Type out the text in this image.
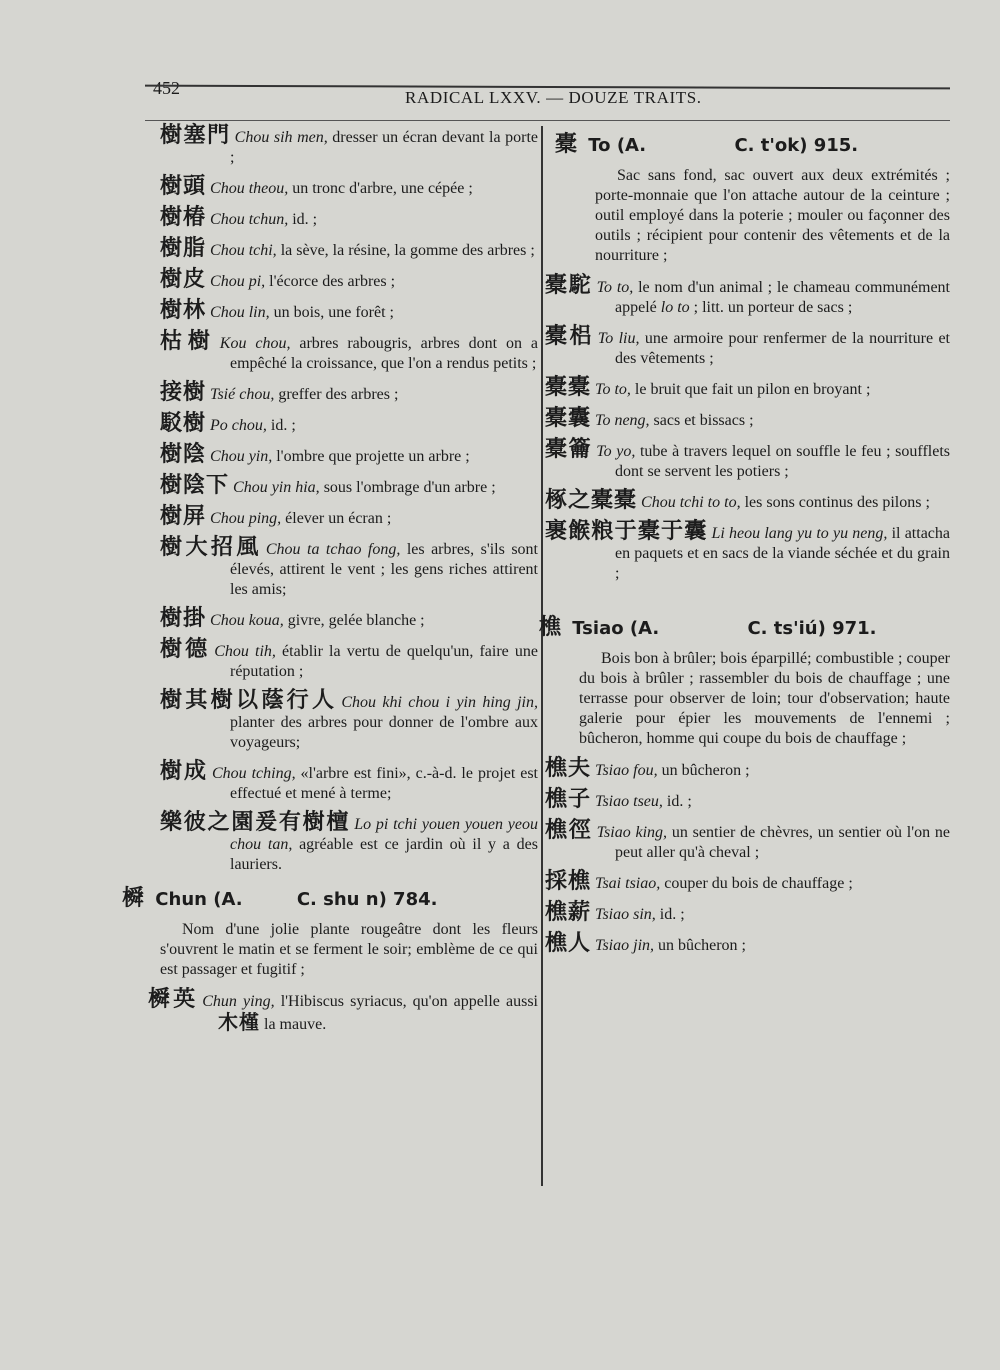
452	RADICAL LXXV. — DOUZE TRAITS.
樹塞門 Chou sih men, dresser un écran devant la porte ;
樹頭 Chou theou, un tronc d'arbre, une cépée ;
樹椿 Chou tchun, id. ;
樹脂 Chou tchi, la sève, la résine, la gomme des arbres ;
樹皮 Chou pi, l'écorce des arbres ;
樹林 Chou lin, un bois, une forêt ;
枯樹 Kou chou, arbres rabougris, arbres dont on a empêché la croissance, que l'on a rendus petits ;
接樹 Tsié chou, greffer des arbres ;
駁樹 Po chou, id. ;
樹陰 Chou yin, l'ombre que projette un arbre ;
樹陰下 Chou yin hia, sous l'ombrage d'un arbre ;
樹屏 Chou ping, élever un écran ;
樹大招風 Chou ta tchao fong, les arbres, s'ils sont élevés, attirent le vent ; les gens riches attirent les amis;
樹掛 Chou koua, givre, gelée blanche ;
樹德 Chou tih, établir la vertu de quelqu'un, faire une réputation ;
樹其樹以蔭行人 Chou khi chou i yin hing jin, planter des arbres pour donner de l'ombre aux voyageurs;
樹成 Chou tching, «l'arbre est fini», c.-à-d. le projet est effectué et mené à terme;
樂彼之園爰有樹檀 Lo pi tchi youen youen yeou chou tan, agréable est ce jardin où il y a des lauriers.
橓 Chun (A.	C. shu n) 784.
Nom d'une jolie plante rougeâtre dont les fleurs s'ouvrent le matin et se ferment le soir; emblème de ce qui est passager et fugitif ;
橓英 Chun ying, l'Hibiscus syriacus, qu'on appelle aussi 木槿 la mauve.
橐 To (A.	C. t'ok) 915.
Sac sans fond, sac ouvert aux deux extrémités ; porte-monnaie que l'on attache autour de la ceinture ; outil employé dans la poterie ; mouler ou façonner des outils ; récipient pour contenir des vêtements et de la nourriture ;
橐駝 To to, le nom d'un animal ; le chameau communément appelé lo to ; litt. un porteur de sacs ;
橐梠 To liu, une armoire pour renfermer de la nourriture et des vêtements ;
橐橐 To to, le bruit que fait un pilon en broyant ;
橐囊 To neng, sacs et bissacs ;
橐籥 To yo, tube à travers lequel on souffle le feu ; soufflets dont se servent les potiers ;
椓之橐橐 Chou tchi to to, les sons continus des pilons ;
裹餱粮于橐于囊 Li heou lang yu to yu neng, il attacha en paquets et en sacs de la viande séchée et du grain ;
樵 Tsiao (A.	C. ts'iú) 971.
Bois bon à brûler; bois éparpillé; combustible ; couper du bois à brûler ; rassembler du bois de chauffage ; une terrasse pour observer de loin; tour d'observation; haute galerie pour épier les mouvements de l'ennemi ; bûcheron, homme qui coupe du bois de chauffage ;
樵夫 Tsiao fou, un bûcheron ;
樵子 Tsiao tseu, id. ;
樵徑 Tsiao king, un sentier de chèvres, un sentier où l'on ne peut aller qu'à cheval ;
採樵 Tsai tsiao, couper du bois de chauffage ;
樵薪 Tsiao sin, id. ;
樵人 Tsiao jin, un bûcheron ;
